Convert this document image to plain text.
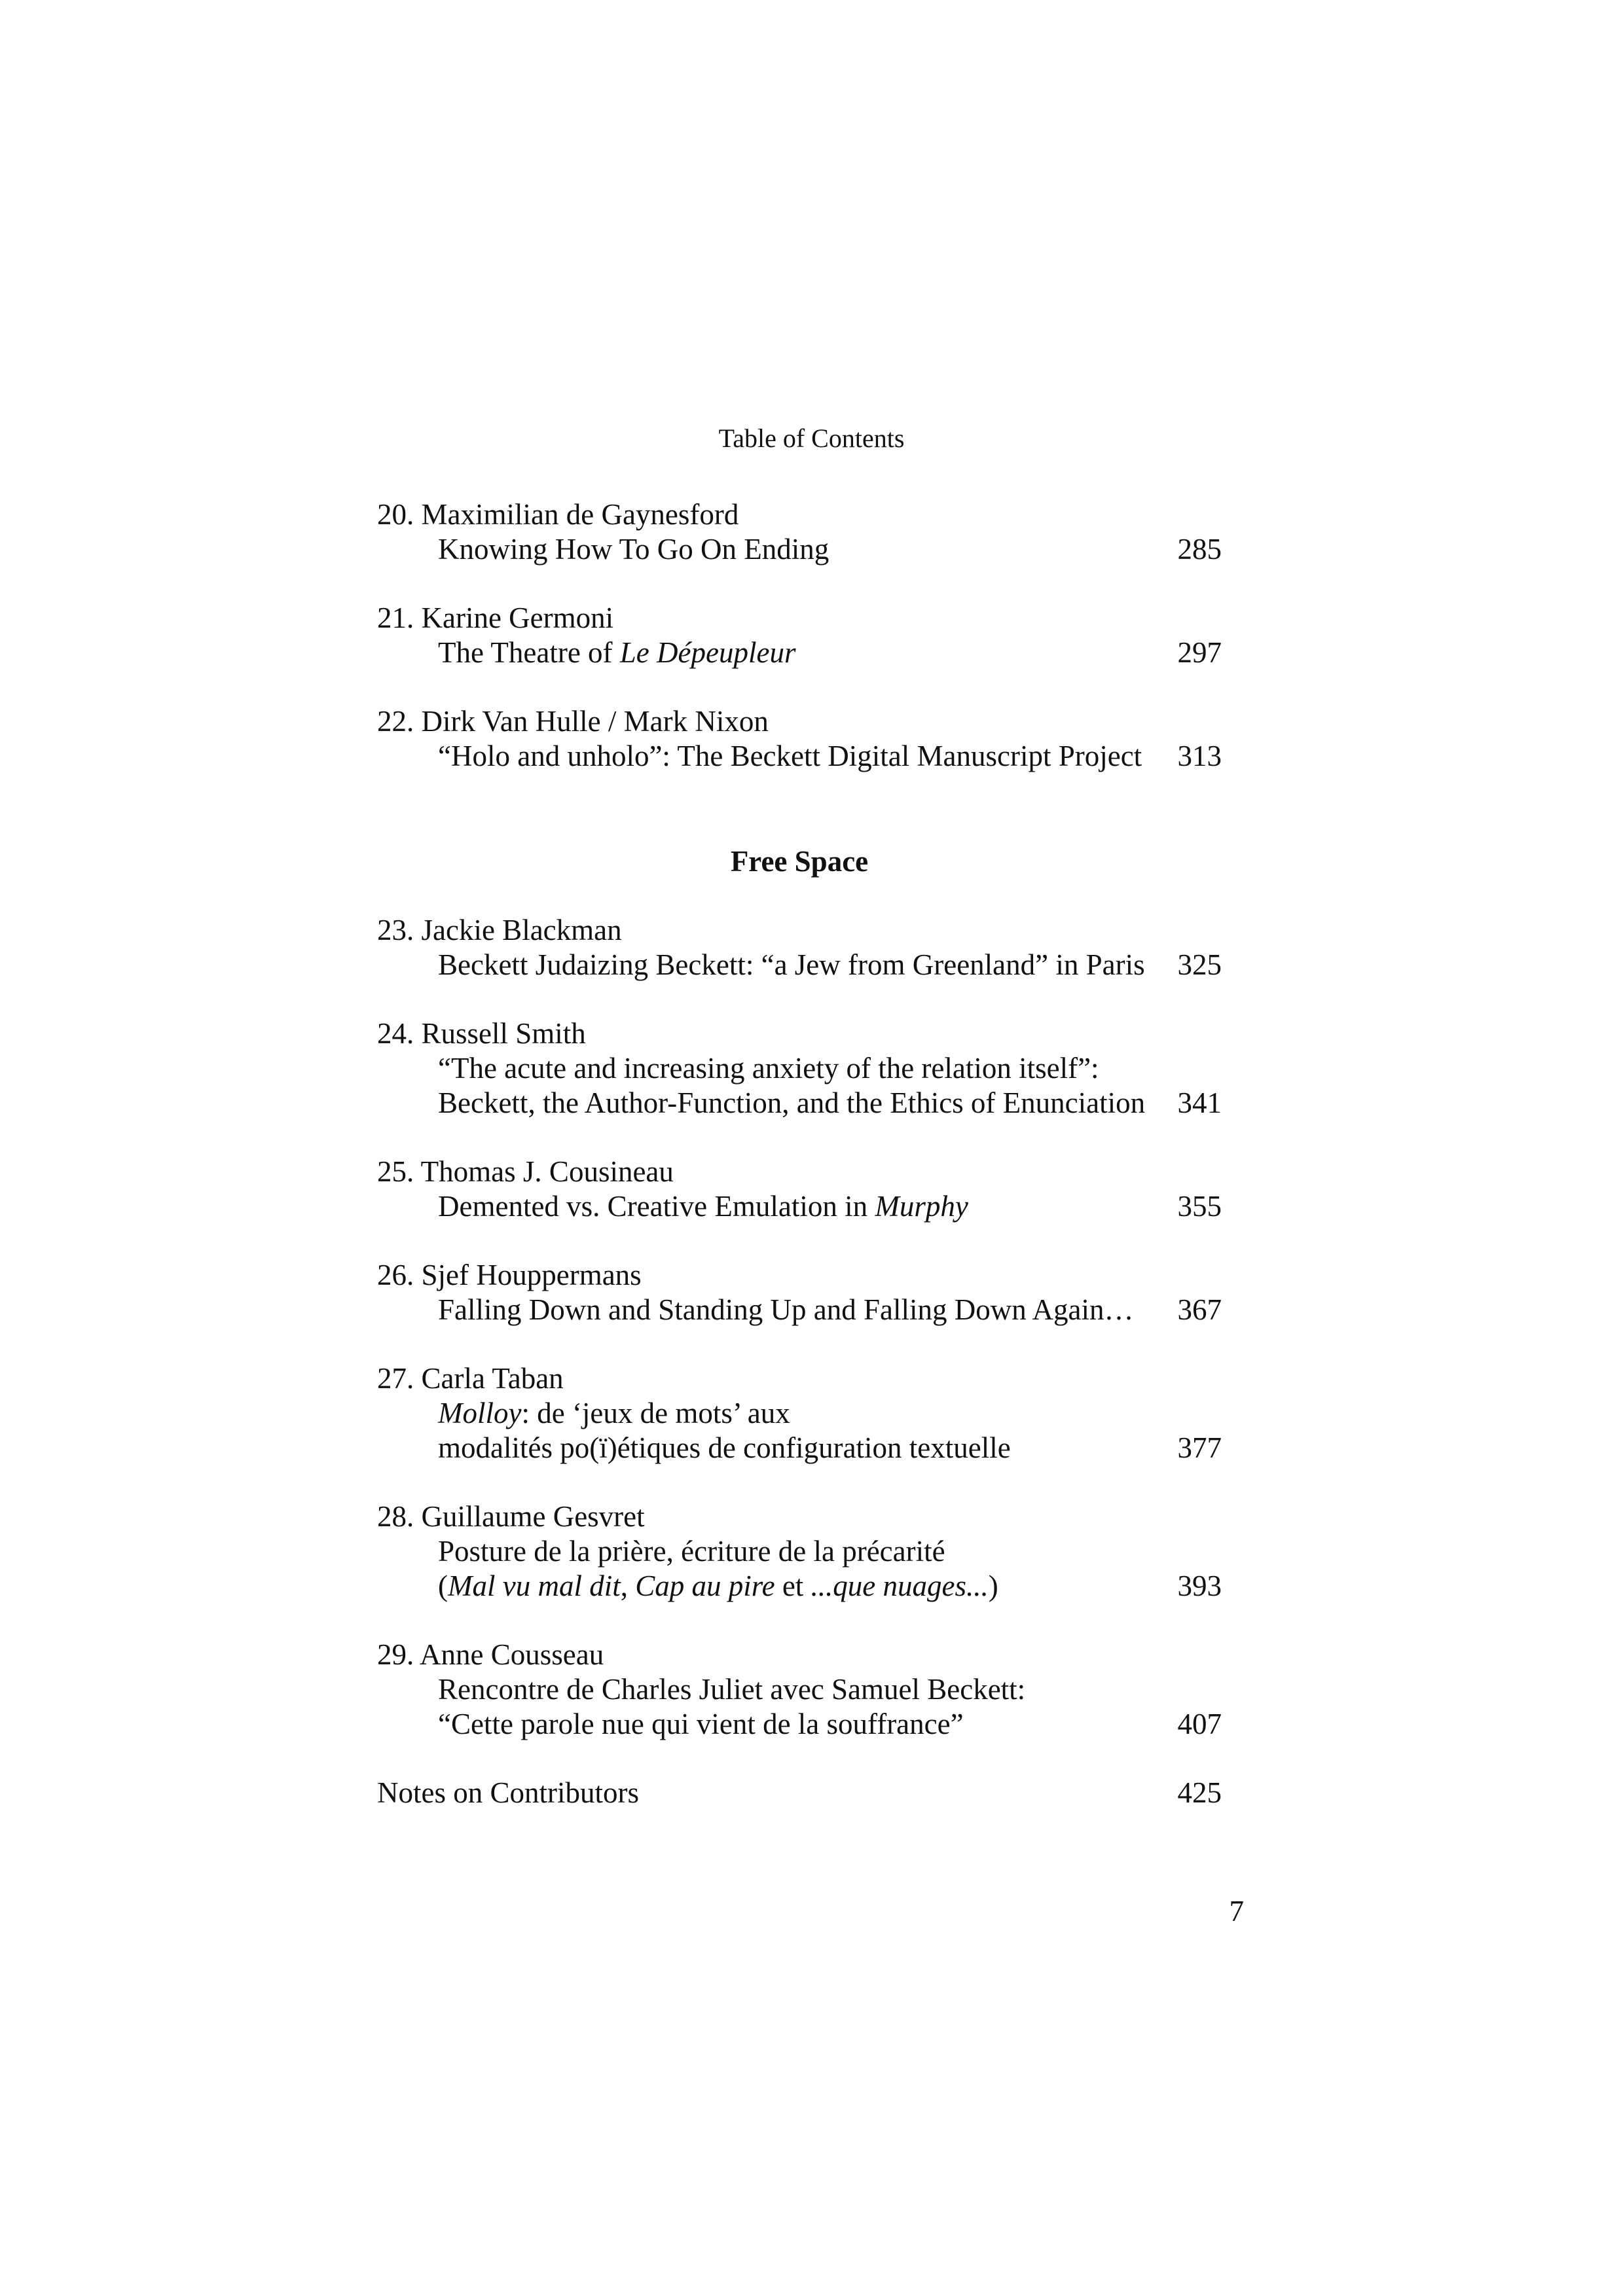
Table of Contents
20. Maximilian de Gaynesford
Knowing How To Go On Ending	285
21. Karine Germoni
The Theatre of Le Dépeupleur	297
22. Dirk Van Hulle / Mark Nixon
“Holo and unholo”: The Beckett Digital Manuscript Project 313
Free Space
23. Jackie Blackman
Beckett Judaizing Beckett: “a Jew from Greenland” in Paris 325
24. Russell Smith
“The acute and increasing anxiety of the relation itself”:
Beckett, the Author-Function, and the Ethics of Enunciation 341
25. Thomas J. Cousineau
Demented vs. Creative Emulation in Murphy	355
26. Sjef Houppermans
Falling Down and Standing Up and Falling Down Again… 367
27. Carla Taban
Molloy: de ‘jeux de mots’ aux
modalités po(ï)étiques de configuration textuelle	377
28. Guillaume Gesvret
Posture de la prière, écriture de la précarité
(Mal vu mal dit, Cap au pire et ...que nuages...)	393
29. Anne Cousseau
Rencontre de Charles Juliet avec Samuel Beckett:
“Cette parole nue qui vient de la souffrance”	407
Notes on Contributors	425
7
